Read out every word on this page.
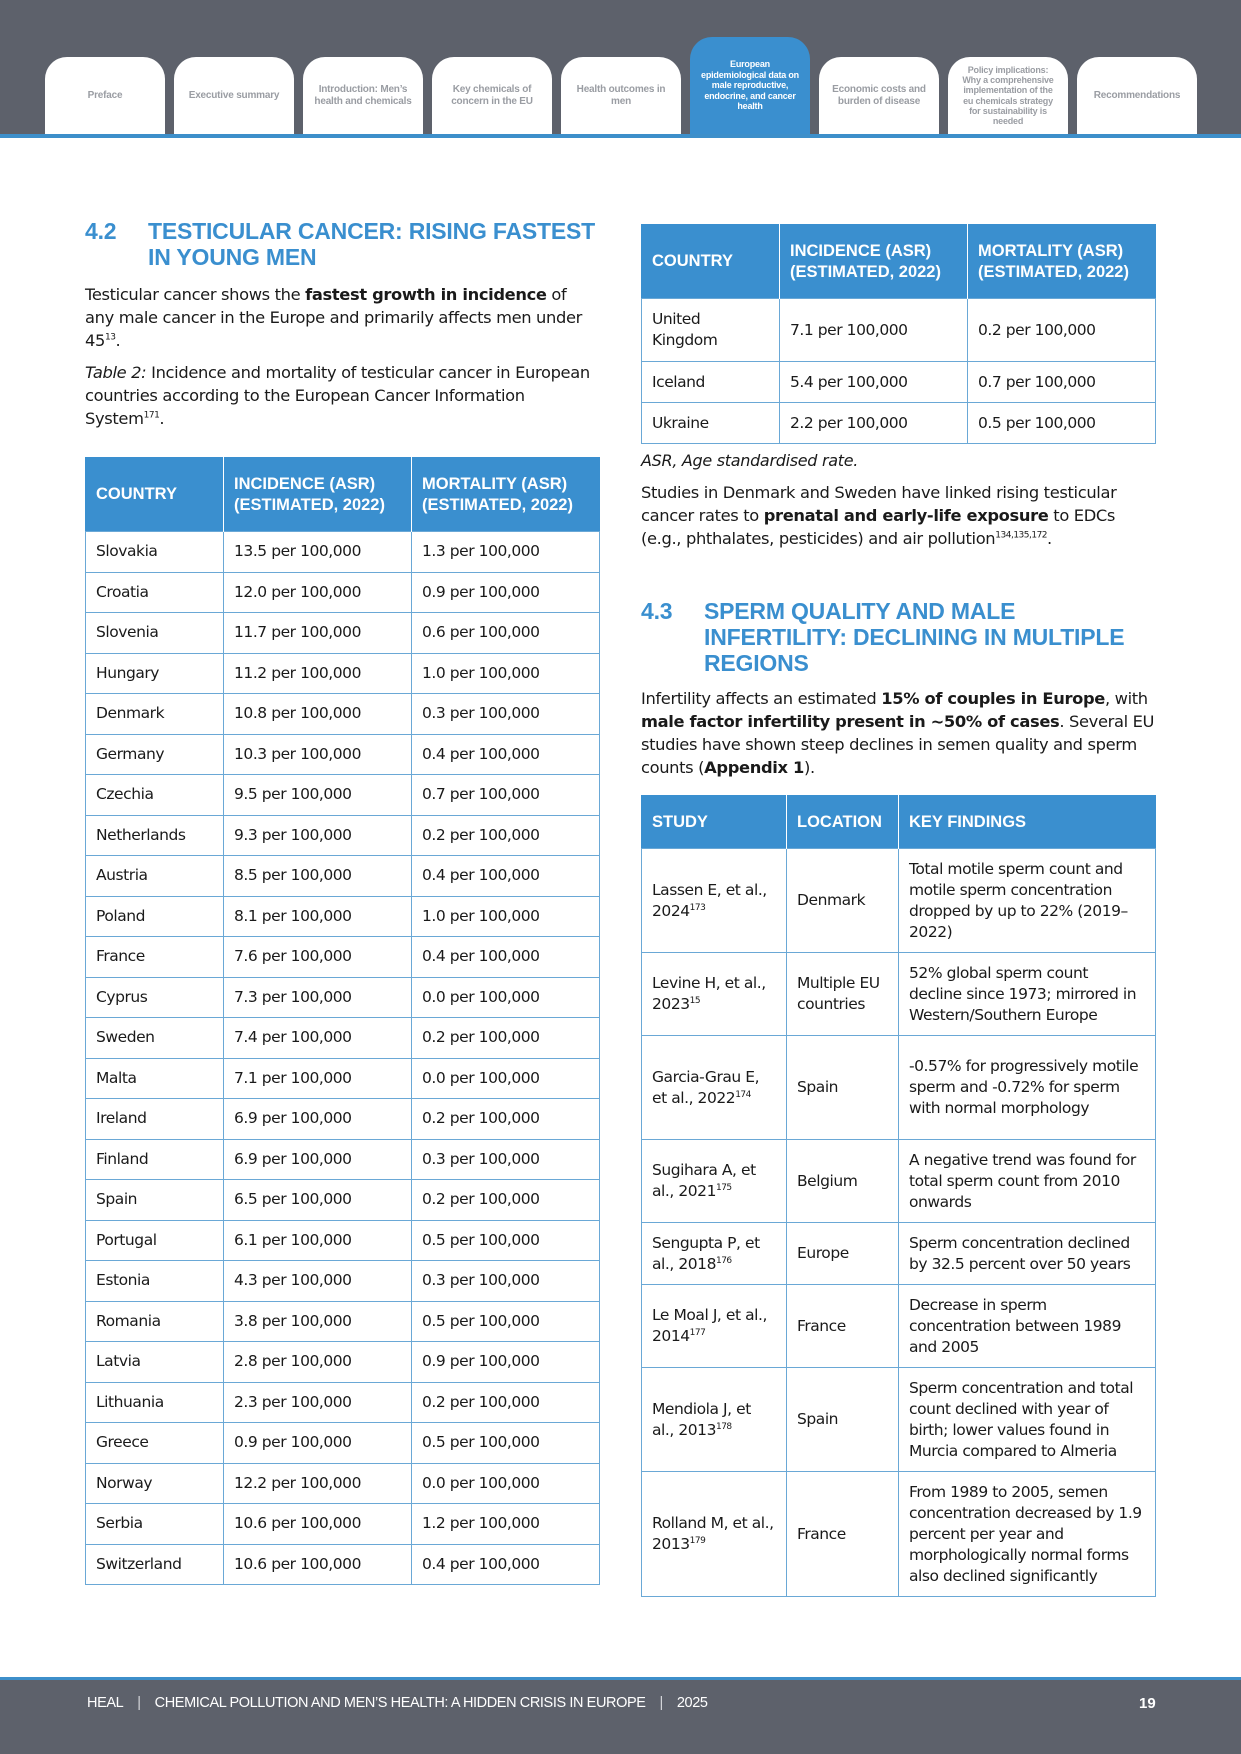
Preface	Executive summary
Introduction: Men’s health and chemicals
Key chemicals of concern in the EU
Health outcomes in men
European epidemiological data on male reproductive, endocrine, and cancer health
Economic costs and burden of disease
Policy implications: Why a comprehensive implementation of the eu chemicals strategy for sustainability is needed
Recommendations
4.2	TESTICULAR CANCER: RISING FASTEST IN YOUNG MEN

Testicular cancer shows the fastest growth in incidence of any male cancer in the Europe and primarily affects men under $45^{13}$.

Table 2: Incidence and mortality of testicular cancer in European countries according to the European Cancer Information System$^{171}$.

COUNTRY	INCIDENCE (ASR) (ESTIMATED, 2022)	MORTALITY (ASR) (ESTIMATED, 2022)
Slovakia	13.5 per 100,000	1.3 per 100,000
Croatia	12.0 per 100,000	0.9 per 100,000
Slovenia	11.7 per 100,000	0.6 per 100,000
Hungary	11.2 per 100,000	1.0 per 100,000
Denmark	10.8 per 100,000	0.3 per 100,000
Germany	10.3 per 100,000	0.4 per 100,000
Czechia	9.5 per 100,000	0.7 per 100,000
Netherlands	9.3 per 100,000	0.2 per 100,000
Austria	8.5 per 100,000	0.4 per 100,000
Poland	8.1 per 100,000	1.0 per 100,000
France	7.6 per 100,000	0.4 per 100,000
Cyprus	7.3 per 100,000	0.0 per 100,000
Sweden	7.4 per 100,000	0.2 per 100,000
Malta	7.1 per 100,000	0.0 per 100,000
Ireland	6.9 per 100,000	0.2 per 100,000
Finland	6.9 per 100,000	0.3 per 100,000
Spain	6.5 per 100,000	0.2 per 100,000
Portugal	6.1 per 100,000	0.5 per 100,000
Estonia	4.3 per 100,000	0.3 per 100,000
Romania	3.8 per 100,000	0.5 per 100,000
Latvia	2.8 per 100,000	0.9 per 100,000
Lithuania	2.3 per 100,000	0.2 per 100,000
Greece	0.9 per 100,000	0.5 per 100,000
Norway	12.2 per 100,000	0.0 per 100,000
Serbia	10.6 per 100,000	1.2 per 100,000
Switzerland	10.6 per 100,000	0.4 per 100,000
COUNTRY	INCIDENCE (ASR) (ESTIMATED, 2022)	MORTALITY (ASR) (ESTIMATED, 2022)
United Kingdom	7.1 per 100,000	0.2 per 100,000
Iceland	5.4 per 100,000	0.7 per 100,000
Ukraine	2.2 per 100,000	0.5 per 100,000

ASR, Age standardised rate.

Studies in Denmark and Sweden have linked rising testicular cancer rates to prenatal and early-life exposure to EDCs (e.g., phthalates, pesticides) and air pollution$^{134,135,172}$.

4.3	SPERM QUALITY AND MALE INFERTILITY: DECLINING IN MULTIPLE REGIONS

Infertility affects an estimated 15% of couples in Europe, with male factor infertility present in ~50% of cases. Several EU studies have shown steep declines in semen quality and sperm counts (Appendix 1).

STUDY	LOCATION	KEY FINDINGS
Lassen E, et al., 2024$^{173}$	Denmark	Total motile sperm count and motile sperm concentration dropped by up to 22% (2019–2022)
Levine H, et al., 2023$^{15}$	Multiple EU countries	52% global sperm count decline since 1973; mirrored in Western/Southern Europe
Garcia-Grau E, et al., 2022$^{174}$	Spain	-0.57% for progressively motile sperm and -0.72% for sperm with normal morphology
Sugihara A, et al., 2021$^{175}$	Belgium	A negative trend was found for total sperm count from 2010 onwards
Sengupta P, et al., 2018$^{176}$	Europe	Sperm concentration declined by 32.5 percent over 50 years
Le Moal J, et al., 2014$^{177}$	France	Decrease in sperm concentration between 1989 and 2005
Mendiola J, et al., 2013$^{178}$	Spain	Sperm concentration and total count declined with year of birth; lower values found in Murcia compared to Almeria
Rolland M, et al., 2013$^{179}$	France	From 1989 to 2005, semen concentration decreased by 1.9 percent per year and morphologically normal forms also declined significantly
HEAL | CHEMICAL POLLUTION AND MEN’S HEALTH: A HIDDEN CRISIS IN EUROPE | 2025	19
